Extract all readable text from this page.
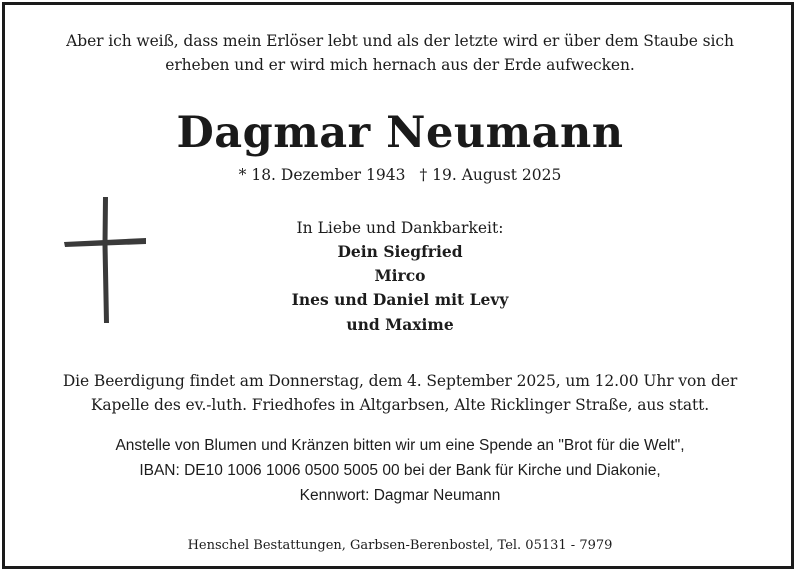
Aber ich weiß, dass mein Erlöser lebt und als der letzte wird er über dem Staube sich
erheben und er wird mich hernach aus der Erde aufwecken.
Dagmar Neumann
* 18. Dezember 1943 † 19. August 2025
In Liebe und Dankbarkeit:
Dein Siegfried
Mirco
Ines und Daniel mit Levy
und Maxime
Die Beerdigung findet am Donnerstag, dem 4. September 2025, um 12.00 Uhr von der
Kapelle des ev.-luth. Friedhofes in Altgarbsen, Alte Ricklinger Straße, aus statt.
Anstelle von Blumen und Kränzen bitten wir um eine Spende an "Brot für die Welt",
IBAN: DE10 1006 1006 0500 5005 00 bei der Bank für Kirche und Diakonie,
Kennwort: Dagmar Neumann
Henschel Bestattungen, Garbsen-Berenbostel, Tel. 05131 - 7979
